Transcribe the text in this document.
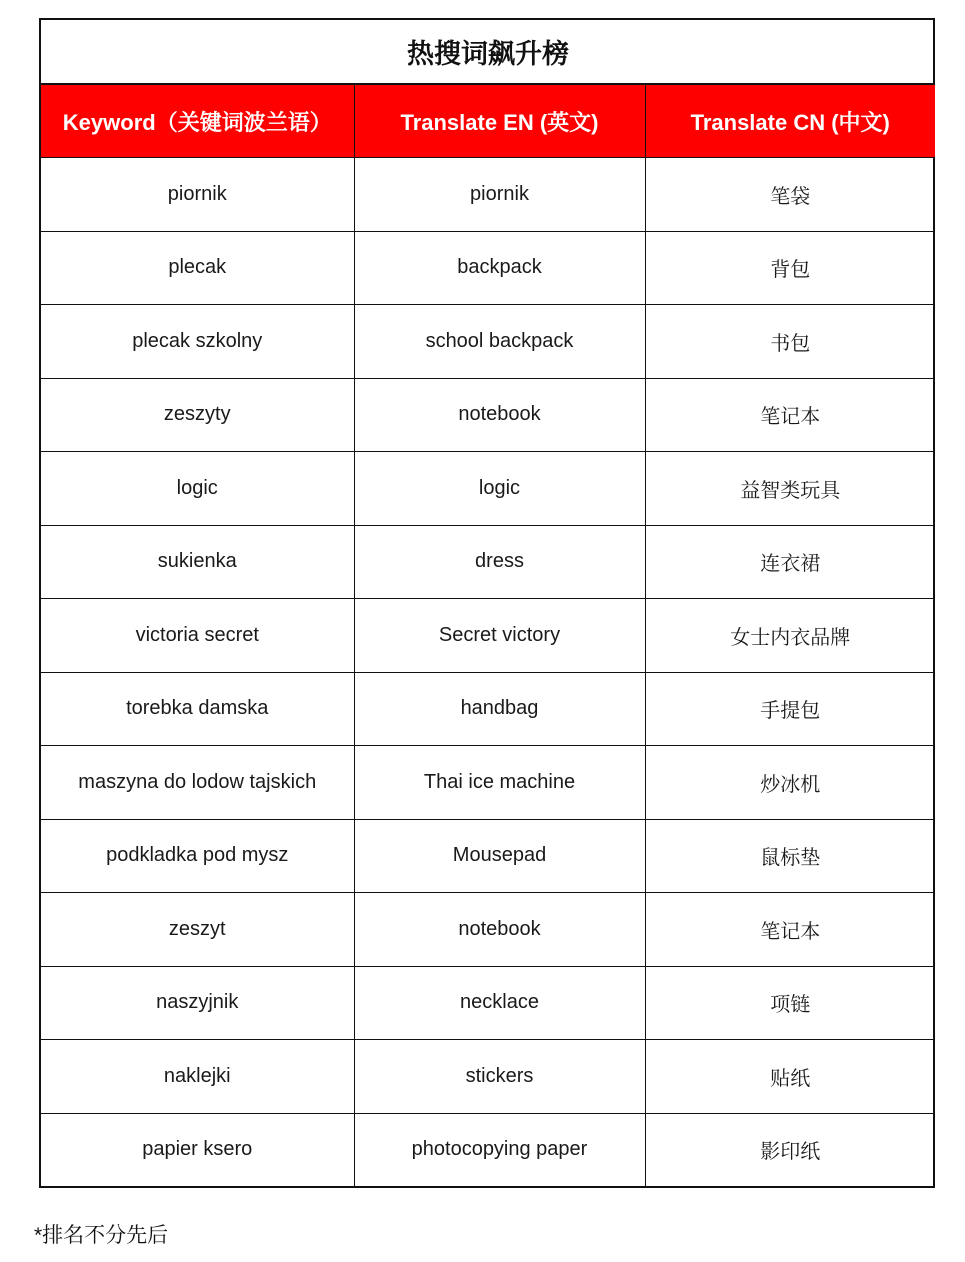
热搜词飙升榜		
Keyword（关键词波兰语）	Translate EN (英文)	Translate CN (中文)
piornik	piornik	笔袋
plecak	backpack	背包
plecak szkolny	school backpack	书包
zeszyty	notebook	笔记本
logic	logic	益智类玩具
sukienka	dress	连衣裙
victoria secret	Secret victory	女士内衣品牌
torebka damska	handbag	手提包
maszyna do lodow tajskich	Thai ice machine	炒冰机
podkladka pod mysz	Mousepad	鼠标垫
zeszyt	notebook	笔记本
naszyjnik	necklace	项链
naklejki	stickers	贴纸
papier ksero	photocopying paper	影印纸
*排名不分先后
